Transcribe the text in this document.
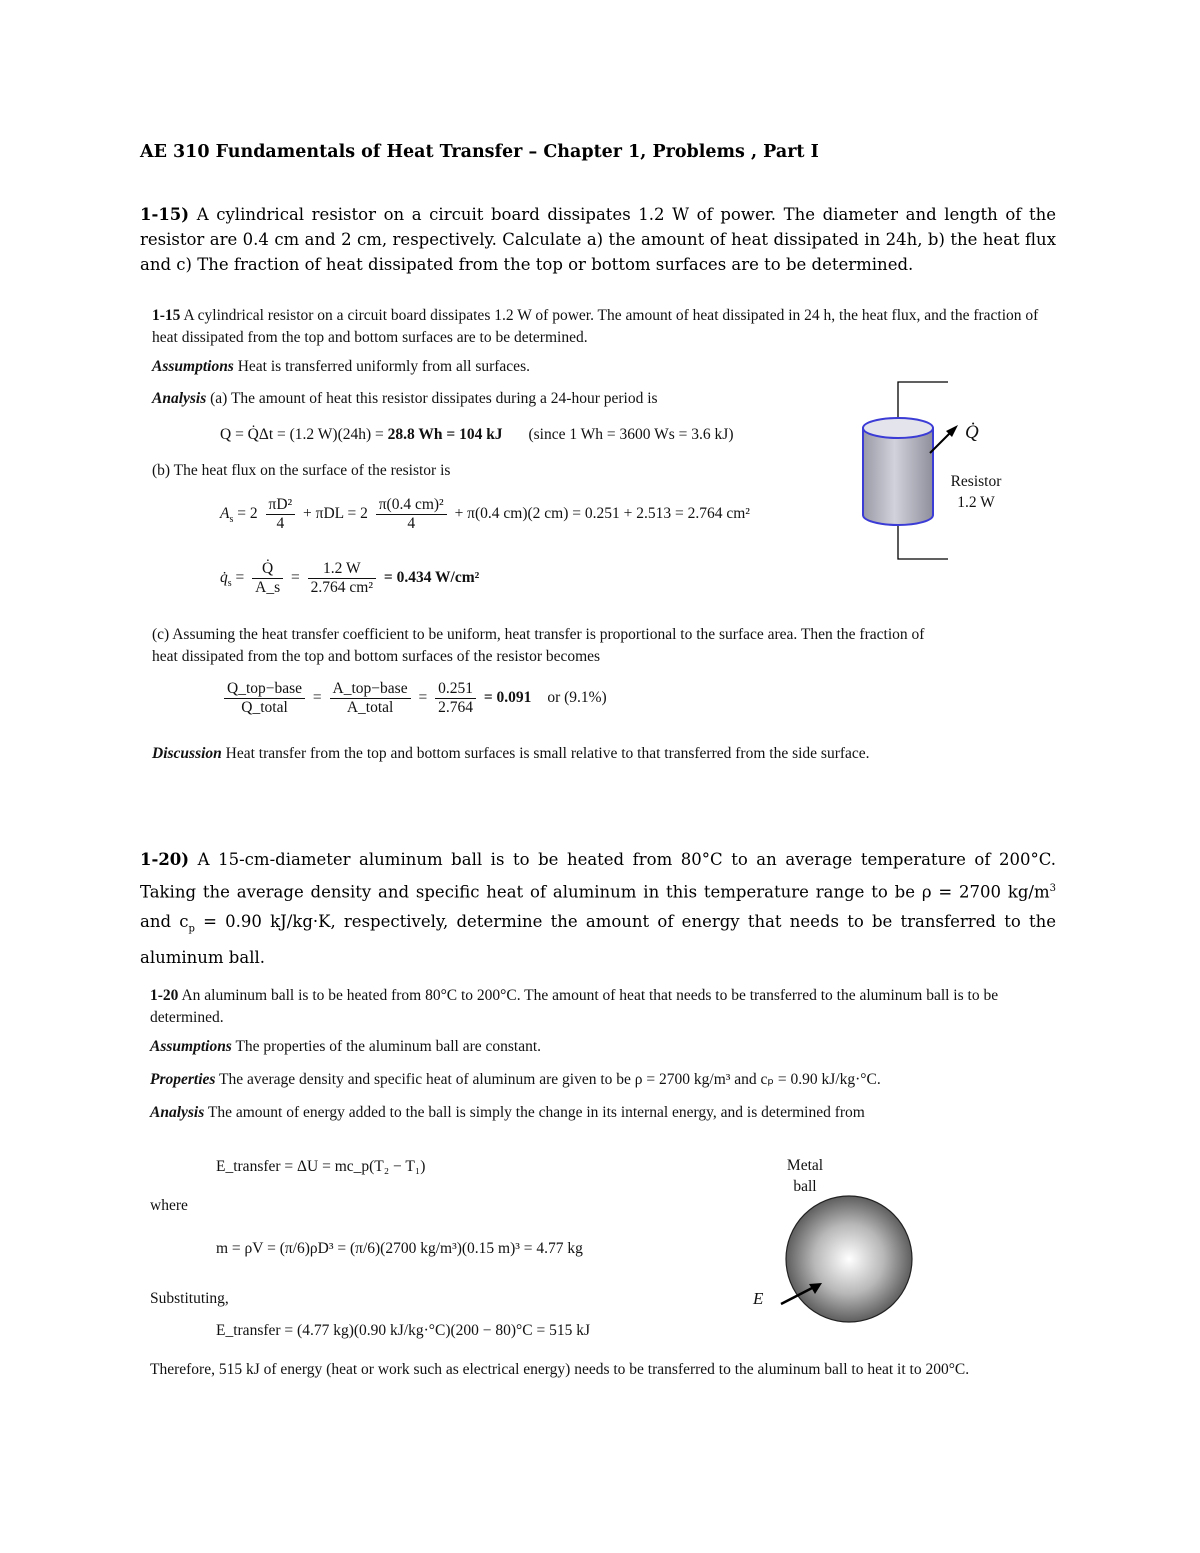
AE 310 Fundamentals of Heat Transfer – Chapter 1, Problems , Part I
1-15) A cylindrical resistor on a circuit board dissipates 1.2 W of power. The diameter and length of the resistor are 0.4 cm and 2 cm, respectively. Calculate a) the amount of heat dissipated in 24h, b) the heat flux and c) The fraction of heat dissipated from the top or bottom surfaces are to be determined.
1-15 A cylindrical resistor on a circuit board dissipates 1.2 W of power. The amount of heat dissipated in 24 h, the heat flux, and the fraction of heat dissipated from the top and bottom surfaces are to be determined.
Assumptions Heat is transferred uniformly from all surfaces.
Analysis (a) The amount of heat this resistor dissipates during a 24-hour period is
Q = Q̇Δt = (1.2 W)(24h) = 28.8 Wh = 104 kJ (since 1 Wh = 3600 Ws = 3.6 kJ)
(b) The heat flux on the surface of the resistor is
$A_s = 2 \frac{\text{πD²}}{4} + \pi DL = 2 \frac{\text{π(0.4 cm)²}}{4} + \pi(0.4$ cm)(2 cm) = 0.251 + 2.513 = 2.764 cm²
$q̇_s = \frac{Q̇}{A\_s} = \frac{1.2 W}{\text{2.764 cm²}} = 0.434$ W/cm²
(c) Assuming the heat transfer coefficient to be uniform, heat transfer is proportional to the surface area. Then the fraction of heat dissipated from the top and bottom surfaces of the resistor becomes
$\frac{\text{Q\_top−base}}{\text{Q\_total}} = \frac{\text{A\_top−base}}{\text{A\_total}} = \frac{0.251}{2.764} = 0.091$ or (9.1%)
Discussion Heat transfer from the top and bottom surfaces is small relative to that transferred from the side surface.
Q̇
Resistor
1.2 W
1-20) A 15-cm-diameter aluminum ball is to be heated from 80°C to an average temperature of 200°C. Taking the average density and specific heat of aluminum in this temperature range to be ρ = 2700 $kg/m^3$ and $c_p = 0.90$ kJ/kg·K, respectively, determine the amount of energy that needs to be transferred to the aluminum ball.
1-20 An aluminum ball is to be heated from 80°C to 200°C. The amount of heat that needs to be transferred to the aluminum ball is to be determined.
Assumptions The properties of the aluminum ball are constant.
Properties The average density and specific heat of aluminum are given to be ρ = 2700 kg/m³ and cₚ = 0.90 kJ/kg·°C.
Analysis The amount of energy added to the ball is simply the change in its internal energy, and is determined from
E_transfer = ΔU = mc_p(T₂ − T₁)
where
m = ρV = (π/6)ρD³ = (π/6)(2700 kg/m³)(0.15 m)³ = 4.77 kg
Substituting,
E_transfer = (4.77 kg)(0.90 kJ/kg·°C)(200 − 80)°C = 515 kJ
Therefore, 515 kJ of energy (heat or work such as electrical energy) needs to be transferred to the aluminum ball to heat it to 200°C.
Metal
ball
E
